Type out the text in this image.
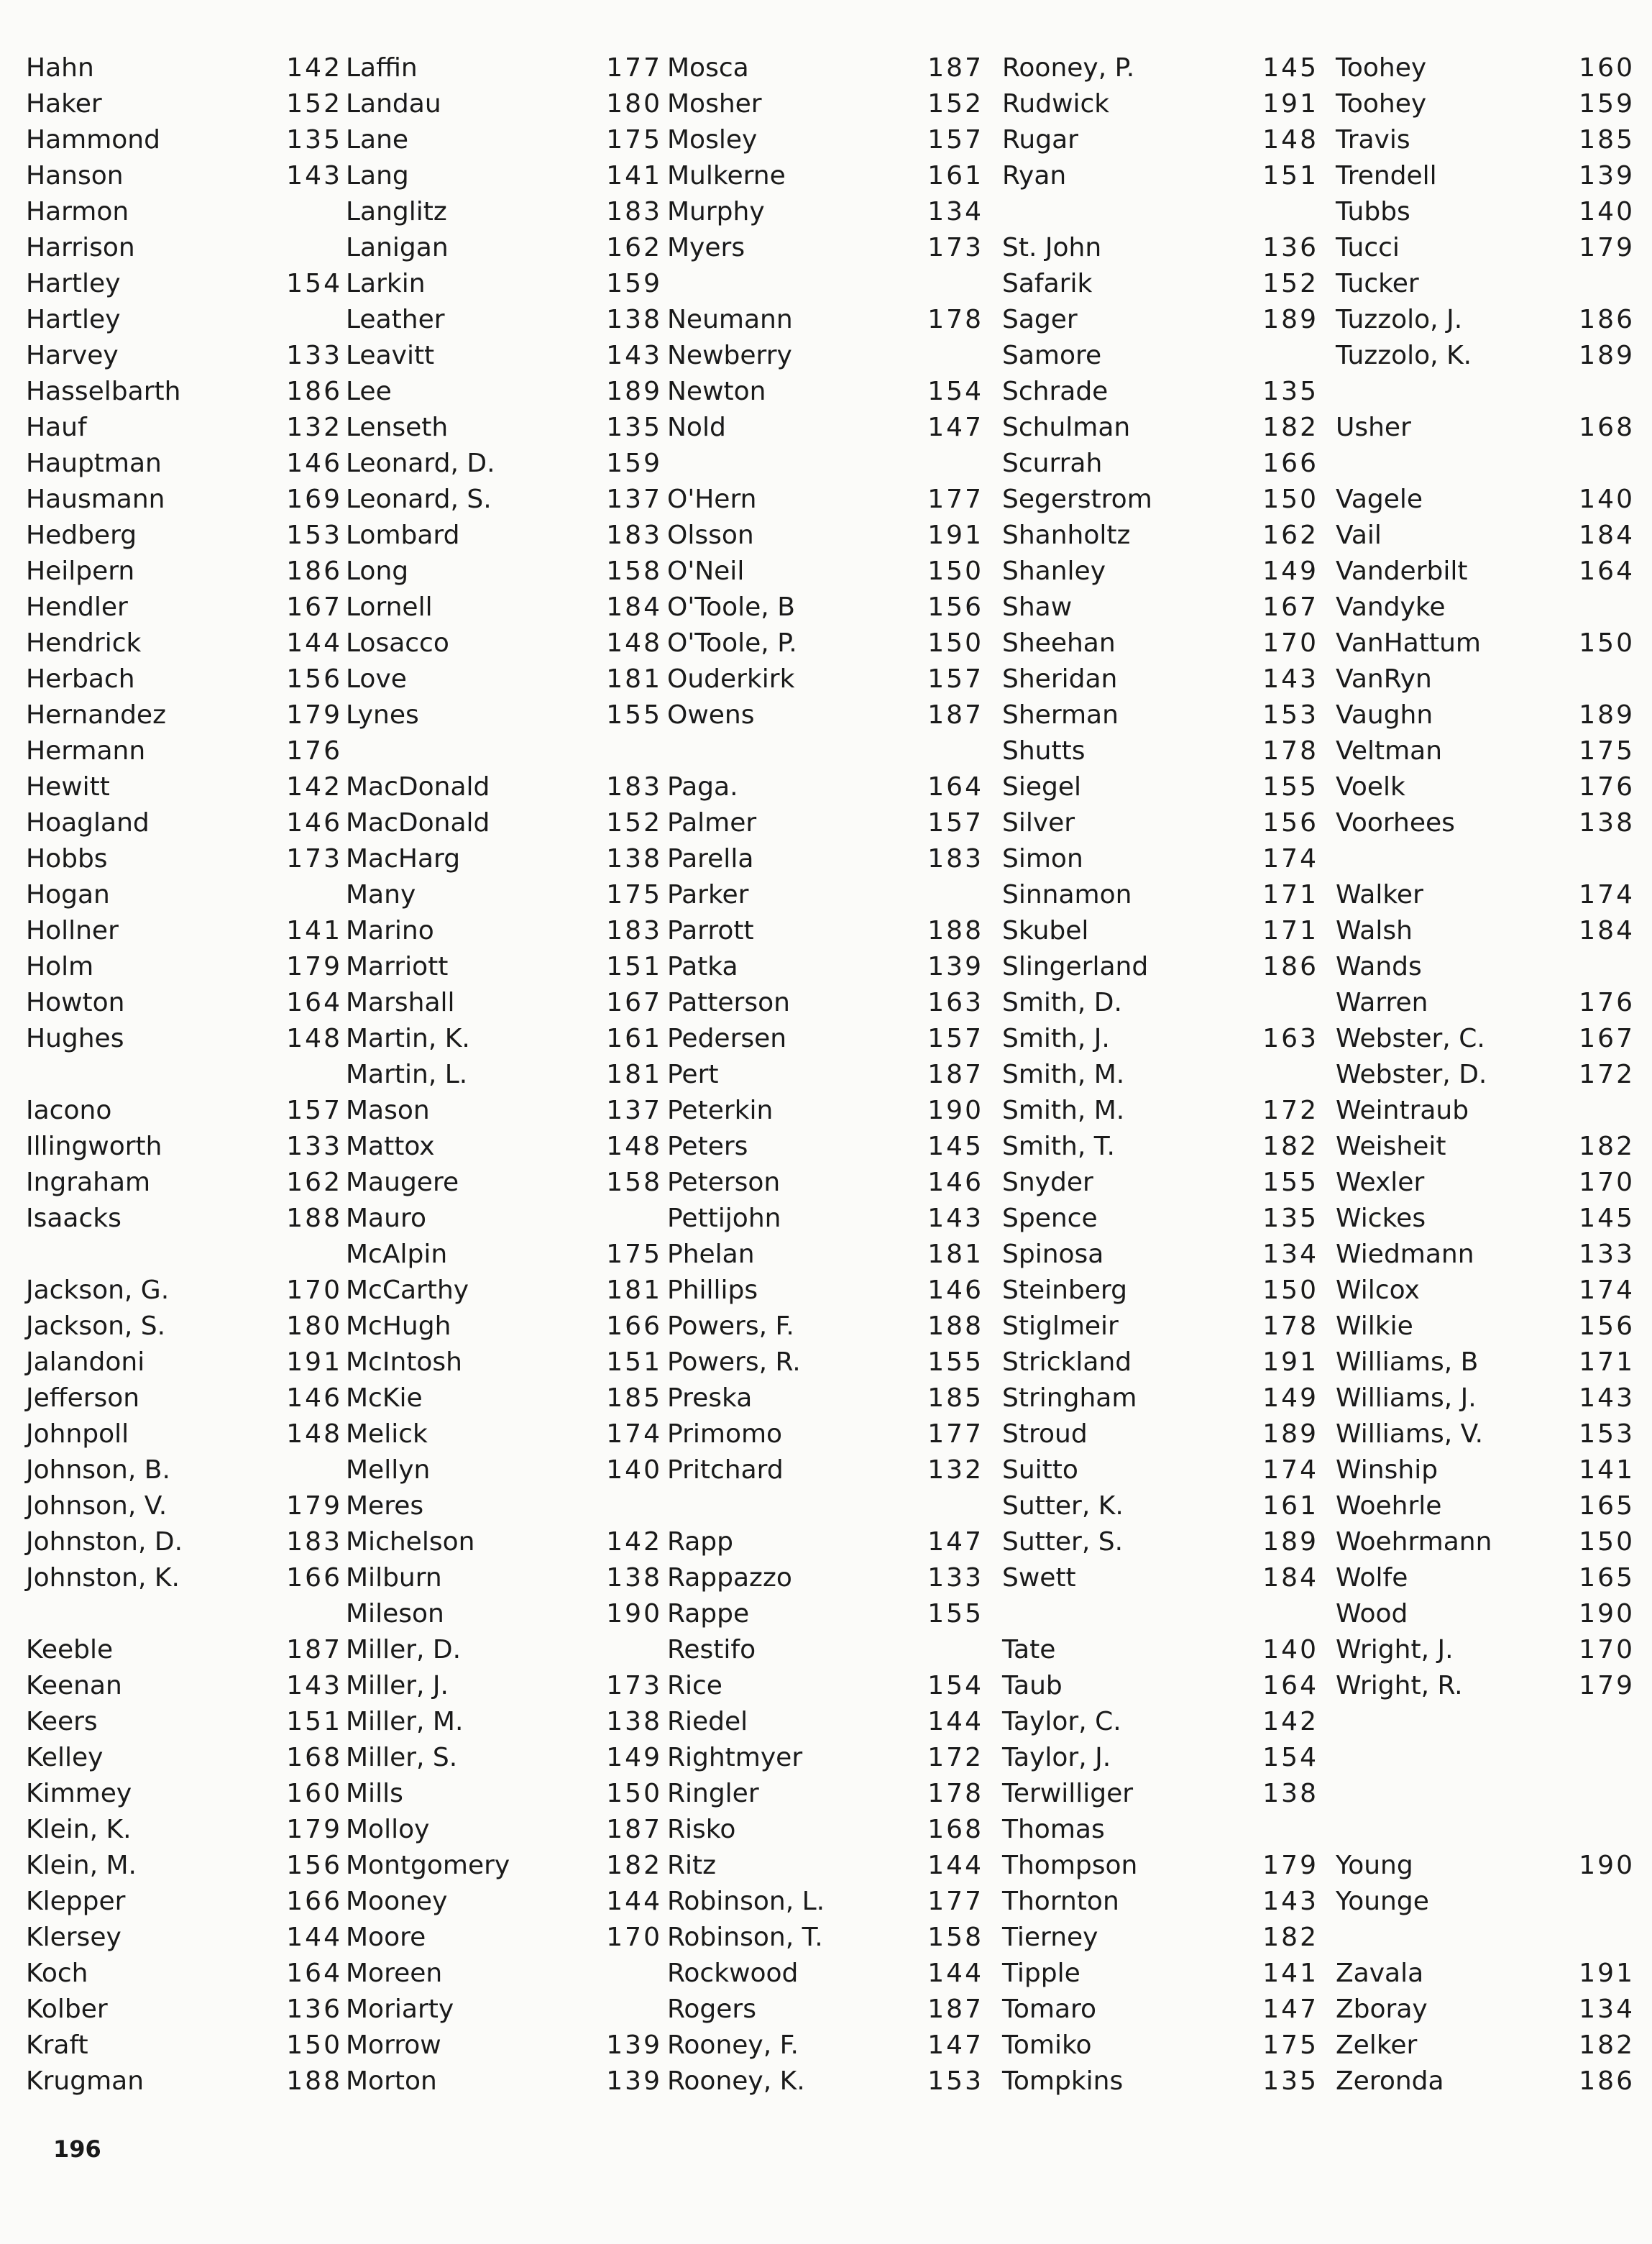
Hahn	142
Haker	152
Hammond	135
Hanson	143
Harmon
Harrison
Hartley	154
Hartley
Harvey	133
Hasselbarth	186
Hauf	132
Hauptman	146
Hausmann	169
Hedberg	153
Heilpern	186
Hendler	167
Hendrick	144
Herbach	156
Hernandez	179
Hermann	176
Hewitt	142
Hoagland	146
Hobbs	173
Hogan
Hollner	141
Holm	179
Howton	164
Hughes	148
Iacono	157
Illingworth	133
Ingraham	162
Isaacks	188
Jackson, G.	170
Jackson, S.	180
Jalandoni	191
Jefferson	146
Johnpoll	148
Johnson, B.
Johnson, V.	179
Johnston, D.	183
Johnston, K.	166
Keeble	187
Keenan	143
Keers	151
Kelley	168
Kimmey	160
Klein, K.	179
Klein, M.	156
Klepper	166
Klersey	144
Koch	164
Kolber	136
Kraft	150
Krugman	188
Laffin	177
Landau	180
Lane	175
Lang	141
Langlitz	183
Lanigan	162
Larkin	159
Leather	138
Leavitt	143
Lee	189
Lenseth	135
Leonard, D.	159
Leonard, S.	137
Lombard	183
Long	158
Lornell	184
Losacco	148
Love	181
Lynes	155
MacDonald	183
MacDonald	152
MacHarg	138
Many	175
Marino	183
Marriott	151
Marshall	167
Martin, K.	161
Martin, L.	181
Mason	137
Mattox	148
Maugere	158
Mauro
McAlpin	175
McCarthy	181
McHugh	166
McIntosh	151
McKie	185
Melick	174
Mellyn	140
Meres
Michelson	142
Milburn	138
Mileson	190
Miller, D.
Miller, J.	173
Miller, M.	138
Miller, S.	149
Mills	150
Molloy	187
Montgomery	182
Mooney	144
Moore	170
Moreen
Moriarty
Morrow	139
Morton	139
Mosca	187
Mosher	152
Mosley	157
Mulkerne	161
Murphy	134
Myers	173
Neumann	178
Newberry
Newton	154
Nold	147
O'Hern	177
Olsson	191
O'Neil	150
O'Toole, B	156
O'Toole, P.	150
Ouderkirk	157
Owens	187
Paga.	164
Palmer	157
Parella	183
Parker
Parrott	188
Patka	139
Patterson	163
Pedersen	157
Pert	187
Peterkin	190
Peters	145
Peterson	146
Pettijohn	143
Phelan	181
Phillips	146
Powers, F.	188
Powers, R.	155
Preska	185
Primomo	177
Pritchard	132
Rapp	147
Rappazzo	133
Rappe	155
Restifo
Rice	154
Riedel	144
Rightmyer	172
Ringler	178
Risko	168
Ritz	144
Robinson, L.	177
Robinson, T.	158
Rockwood	144
Rogers	187
Rooney, F.	147
Rooney, K.	153
Rooney, P.	145
Rudwick	191
Rugar	148
Ryan	151
St. John	136
Safarik	152
Sager	189
Samore
Schrade	135
Schulman	182
Scurrah	166
Segerstrom	150
Shanholtz	162
Shanley	149
Shaw	167
Sheehan	170
Sheridan	143
Sherman	153
Shutts	178
Siegel	155
Silver	156
Simon	174
Sinnamon	171
Skubel	171
Slingerland	186
Smith, D.
Smith, J.	163
Smith, M.
Smith, M.	172
Smith, T.	182
Snyder	155
Spence	135
Spinosa	134
Steinberg	150
Stiglmeir	178
Strickland	191
Stringham	149
Stroud	189
Suitto	174
Sutter, K.	161
Sutter, S.	189
Swett	184
Tate	140
Taub	164
Taylor, C.	142
Taylor, J.	154
Terwilliger	138
Thomas
Thompson	179
Thornton	143
Tierney	182
Tipple	141
Tomaro	147
Tomiko	175
Tompkins	135
Toohey	160
Toohey	159
Travis	185
Trendell	139
Tubbs	140
Tucci	179
Tucker
Tuzzolo, J.	186
Tuzzolo, K.	189
Usher	168
Vagele	140
Vail	184
Vanderbilt	164
Vandyke
VanHattum	150
VanRyn
Vaughn	189
Veltman	175
Voelk	176
Voorhees	138
Walker	174
Walsh	184
Wands
Warren	176
Webster, C.	167
Webster, D.	172
Weintraub
Weisheit	182
Wexler	170
Wickes	145
Wiedmann	133
Wilcox	174
Wilkie	156
Williams, B	171
Williams, J.	143
Williams, V.	153
Winship	141
Woehrle	165
Woehrmann	150
Wolfe	165
Wood	190
Wright, J.	170
Wright, R.	179
Young	190
Younge
Zavala	191
Zboray	134
Zelker	182
Zeronda	186
196
